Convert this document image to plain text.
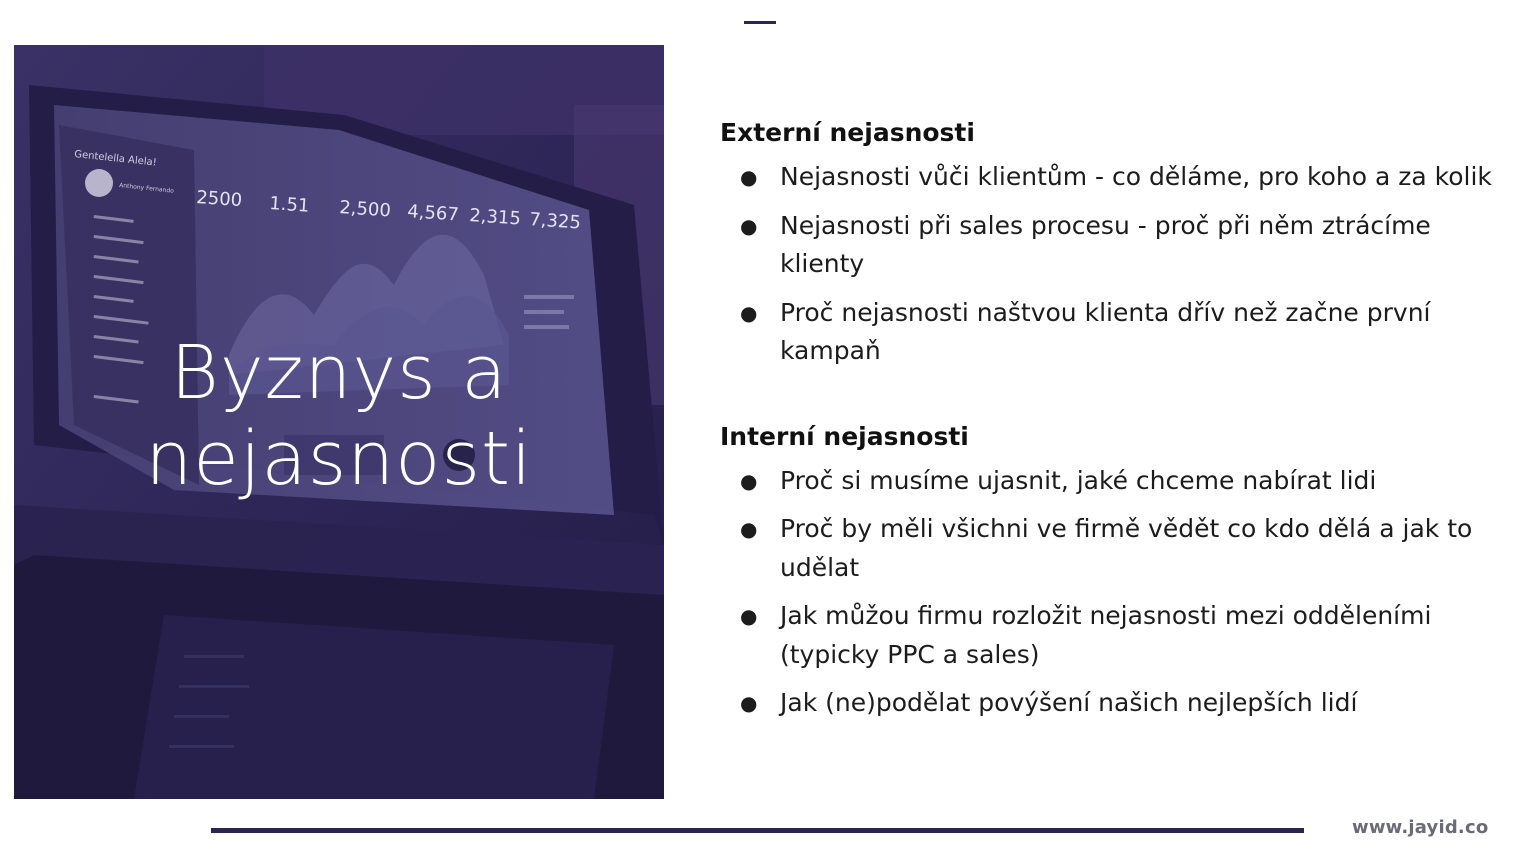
Gentelella Alela!
Anthony Fernando 2500 1.51 2,500 4,567 2,315 7,325
Byznys a
nejasnosti
Externí nejasnosti
● Nejasnosti vůči klientům - co děláme, pro koho a za kolik
● Nejasnosti při sales procesu - proč při něm ztrácíme klienty
● Proč nejasnosti naštvou klienta dřív než začne první kampaň
Interní nejasnosti
● Proč si musíme ujasnit, jaké chceme nabírat lidi
● Proč by měli všichni ve firmě vědět co kdo dělá a jak to udělat
● Jak můžou firmu rozložit nejasnosti mezi odděleními (typicky PPC a sales)
● Jak (ne)podělat povýšení našich nejlepších lidí
www.jayid.co
